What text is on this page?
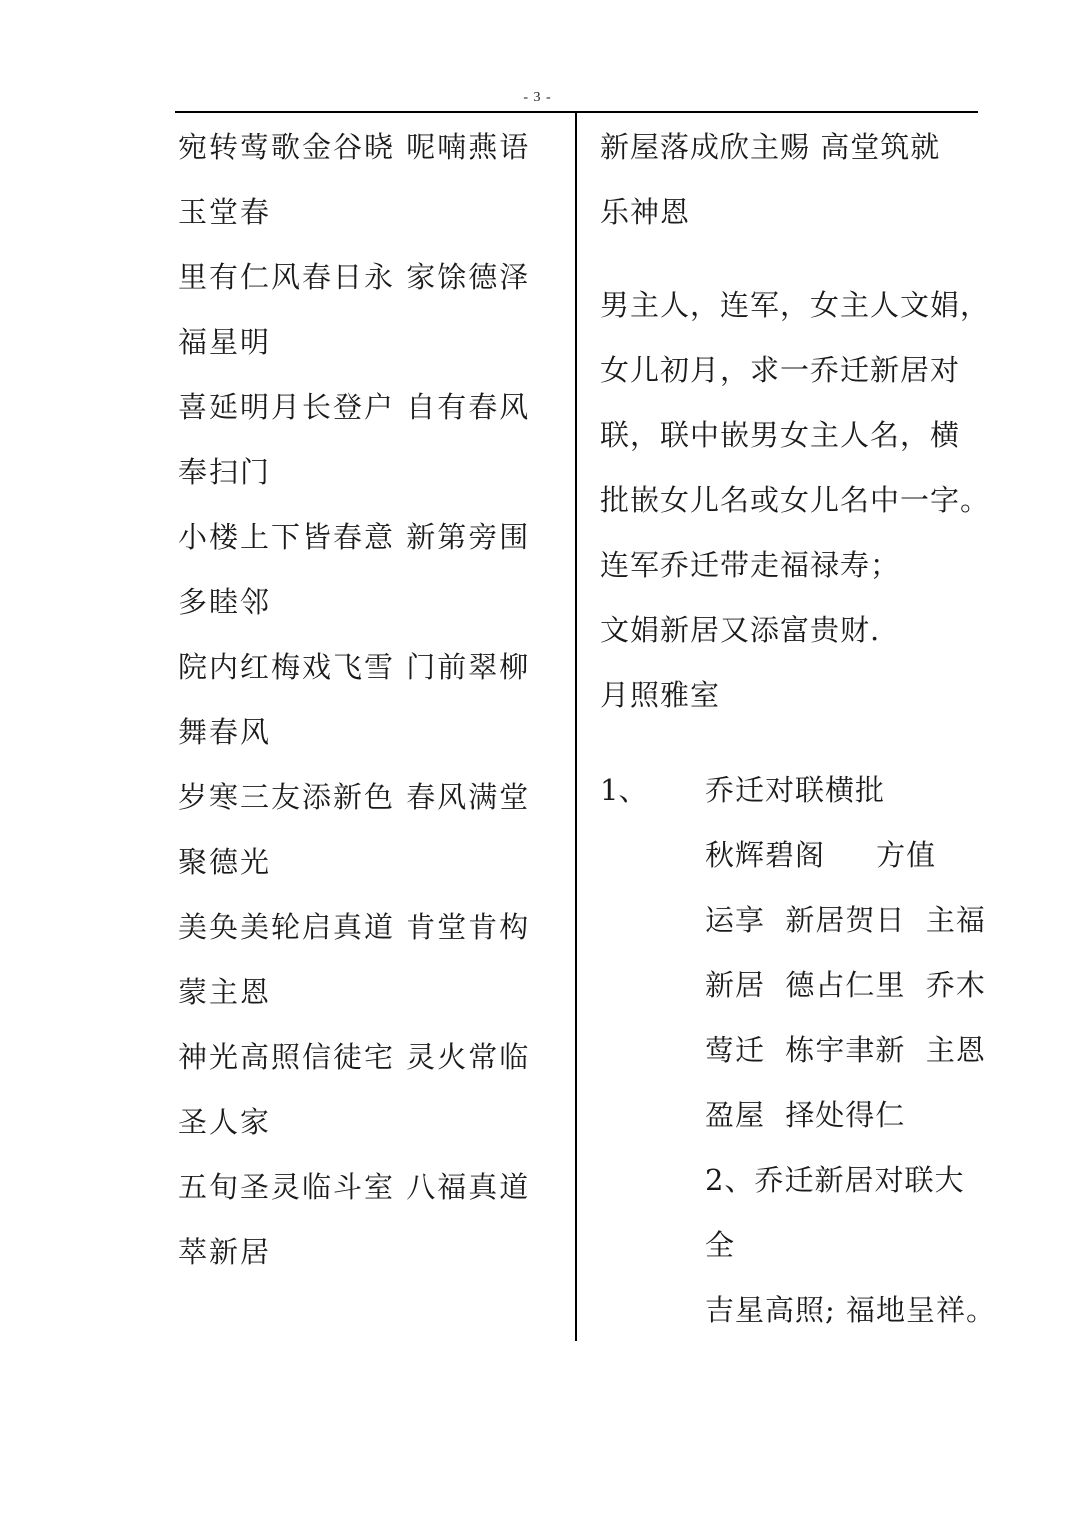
- 3 -
宛转莺歌金谷晓 呢喃燕语
玉堂春
里有仁风春日永 家馀德泽
福星明
喜延明月长登户 自有春风
奉扫门
小楼上下皆春意 新第旁围
多睦邻
院内红梅戏飞雪 门前翠柳
舞春风
岁寒三友添新色 春风满堂
聚德光
美奂美轮启真道 肯堂肯构
蒙主恩
神光高照信徒宅 灵火常临
圣人家
五旬圣灵临斗室 八福真道
萃新居
新屋落成欣主赐 高堂筑就
乐神恩
男主人，连军，女主人文娟，
女儿初月，求一乔迁新居对
联，联中嵌男女主人名，横
批嵌女儿名或女儿名中一字。
连军乔迁带走福禄寿；
文娟新居又添富贵财.
月照雅室
1、 乔迁对联横批
秋辉碧阁     方值
运享  新居贺日  主福
新居  德占仁里  乔木
莺迁  栋宇聿新  主恩
盈屋  择处得仁
2、乔迁新居对联大
全
吉星高照; 福地呈祥。
